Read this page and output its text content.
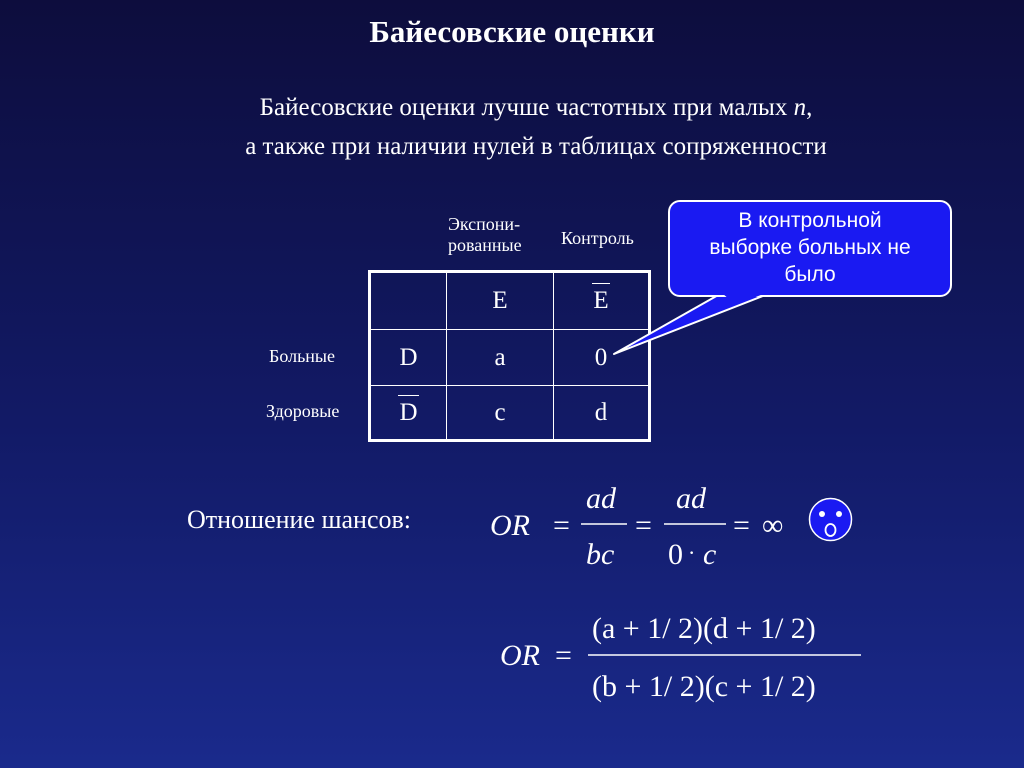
Байесовские оценки
Байесовские оценки лучше частотных при малых n,
а также при наличии нулей в таблицах сопряженности
Экспони-
рованные Контроль
Больные
Здоровые
	E	E
D	a	0
D	c	d
В контрольной
выборке больных не
было
Отношение шансов:	OR =
ad
bc
=
ad
0 · c
= ∞
OR =
(a + 1/ 2)(d + 1/ 2)
(b + 1/ 2)(c + 1/ 2)
